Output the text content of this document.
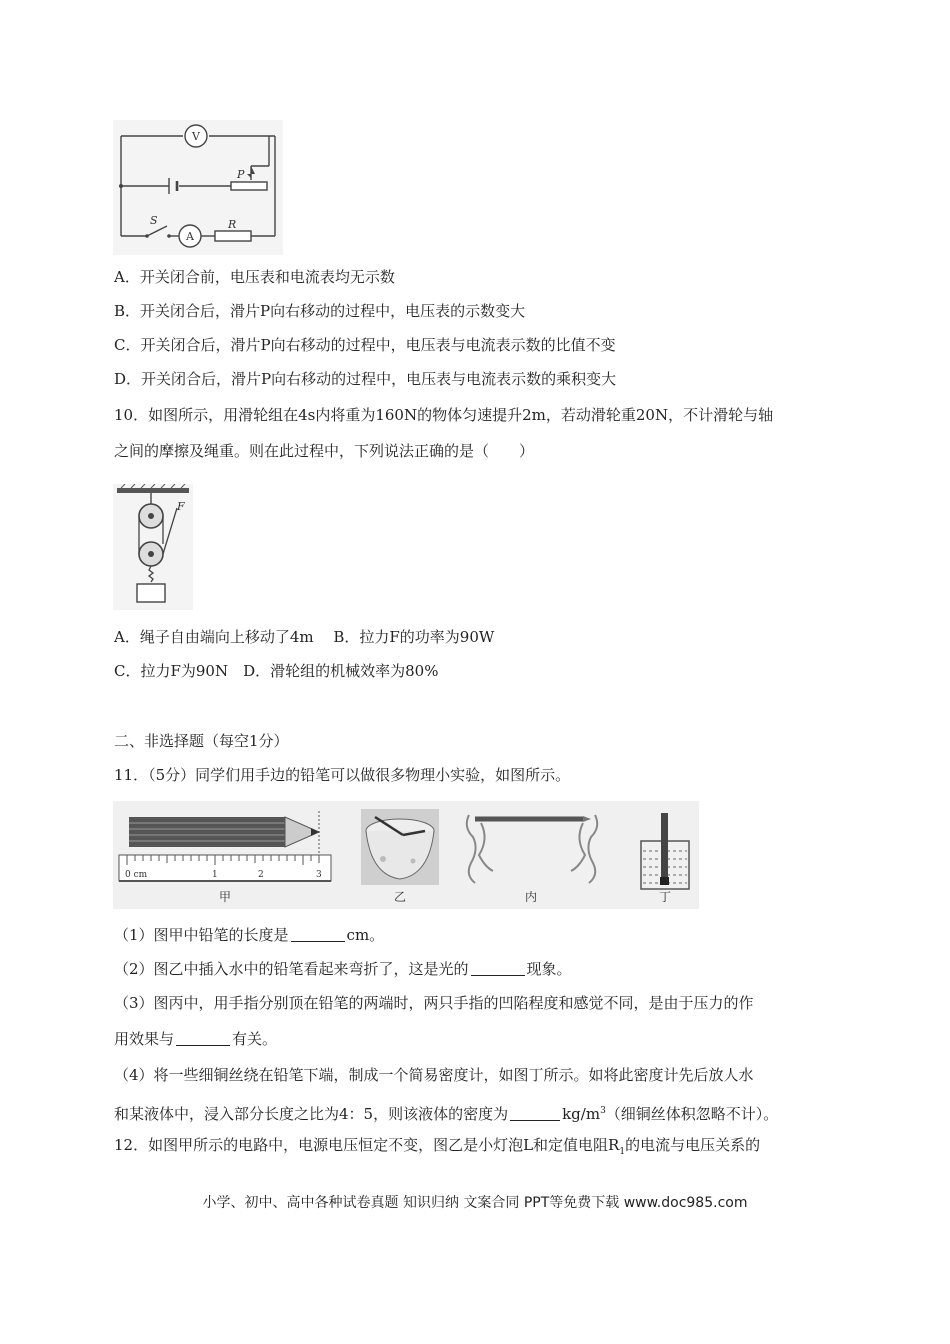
V
A
S
P
R
A．开关闭合前，电压表和电流表均无示数
B．开关闭合后，滑片P向右移动的过程中，电压表的示数变大
C．开关闭合后，滑片P向右移动的过程中，电压表与电流表示数的比值不变
D．开关闭合后，滑片P向右移动的过程中，电压表与电流表示数的乘积变大
10．如图所示，用滑轮组在4s内将重为160N的物体匀速提升2m，若动滑轮重20N，不计滑轮与轴
之间的摩擦及绳重。则在此过程中，下列说法正确的是（　　）
F
A．绳子自由端向上移动了4m　 B．拉力F的功率为90W
C．拉力F为90N　D．滑轮组的机械效率为80%
二、非选择题（每空1分）
11．（5分）同学们用手边的铅笔可以做很多物理小实验，如图所示。
0 cm	1	2	3
甲	乙	内	丁
（1）图甲中铅笔的长度是	cm。
（2）图乙中插入水中的铅笔看起来弯折了，这是光的	现象。
（3）图丙中，用手指分别顶在铅笔的两端时，两只手指的凹陷程度和感觉不同，是由于压力的作
用效果与	有关。
（4）将一些细铜丝绕在铅笔下端，制成一个简易密度计，如图丁所示。如将此密度计先后放人水
和某液体中，浸入部分长度之比为4：5，则该液体的密度为	$kg/m^3$（细铜丝体积忽略不计）。
12．如图甲所示的电路中，电源电压恒定不变，图乙是小灯泡L和定值电阻$R_1$的电流与电压关系的
小学、初中、高中各种试卷真题 知识归纳 文案合同 PPT等免费下载 www.doc985.com
